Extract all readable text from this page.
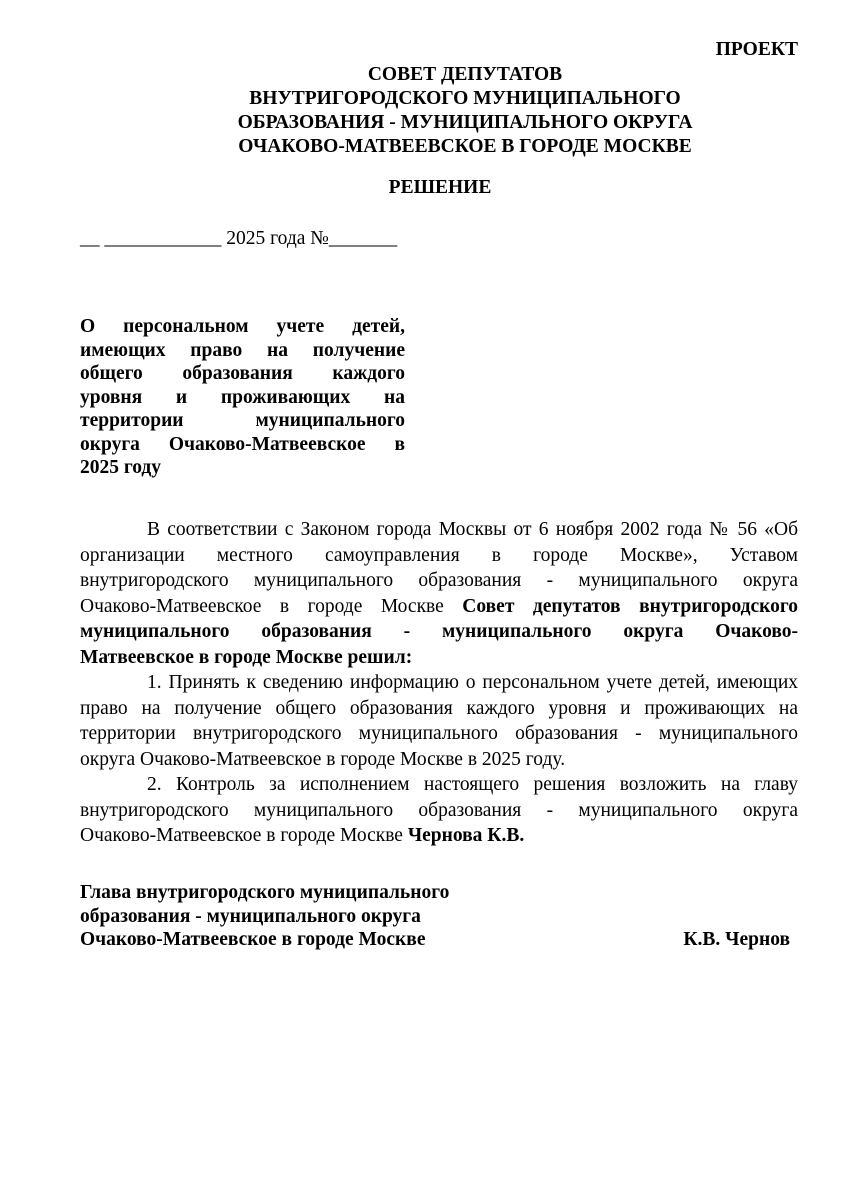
ПРОЕКТ
СОВЕТ ДЕПУТАТОВ
ВНУТРИГОРОДСКОГО МУНИЦИПАЛЬНОГО
ОБРАЗОВАНИЯ - МУНИЦИПАЛЬНОГО ОКРУГА
ОЧАКОВО-МАТВЕЕВСКОЕ В ГОРОДЕ МОСКВЕ
РЕШЕНИЕ
__ ____________ 2025 года №_______
О персональном учете детей,
имеющих право на получение
общего образования каждого
уровня и проживающих на
территории муниципального
округа Очаково-Матвеевское в
2025 году
В соответствии с Законом города Москвы от 6 ноября 2002 года № 56 «Об
организации местного самоуправления в городе Москве», Уставом
внутригородского муниципального образования - муниципального округа
Очаково-Матвеевское в городе Москве Совет депутатов внутригородского
муниципального образования - муниципального округа Очаково-
Матвеевское в городе Москве решил:
1. Принять к сведению информацию о персональном учете детей, имеющих
право на получение общего образования каждого уровня и проживающих на
территории внутригородского муниципального образования - муниципального
округа Очаково-Матвеевское в городе Москве в 2025 году.
2. Контроль за исполнением настоящего решения возложить на главу
внутригородского муниципального образования - муниципального округа
Очаково-Матвеевское в городе Москве Чернова К.В.
Глава внутригородского муниципального
образования - муниципального округа
Очаково-Матвеевское в городе Москве	К.В. Чернов
